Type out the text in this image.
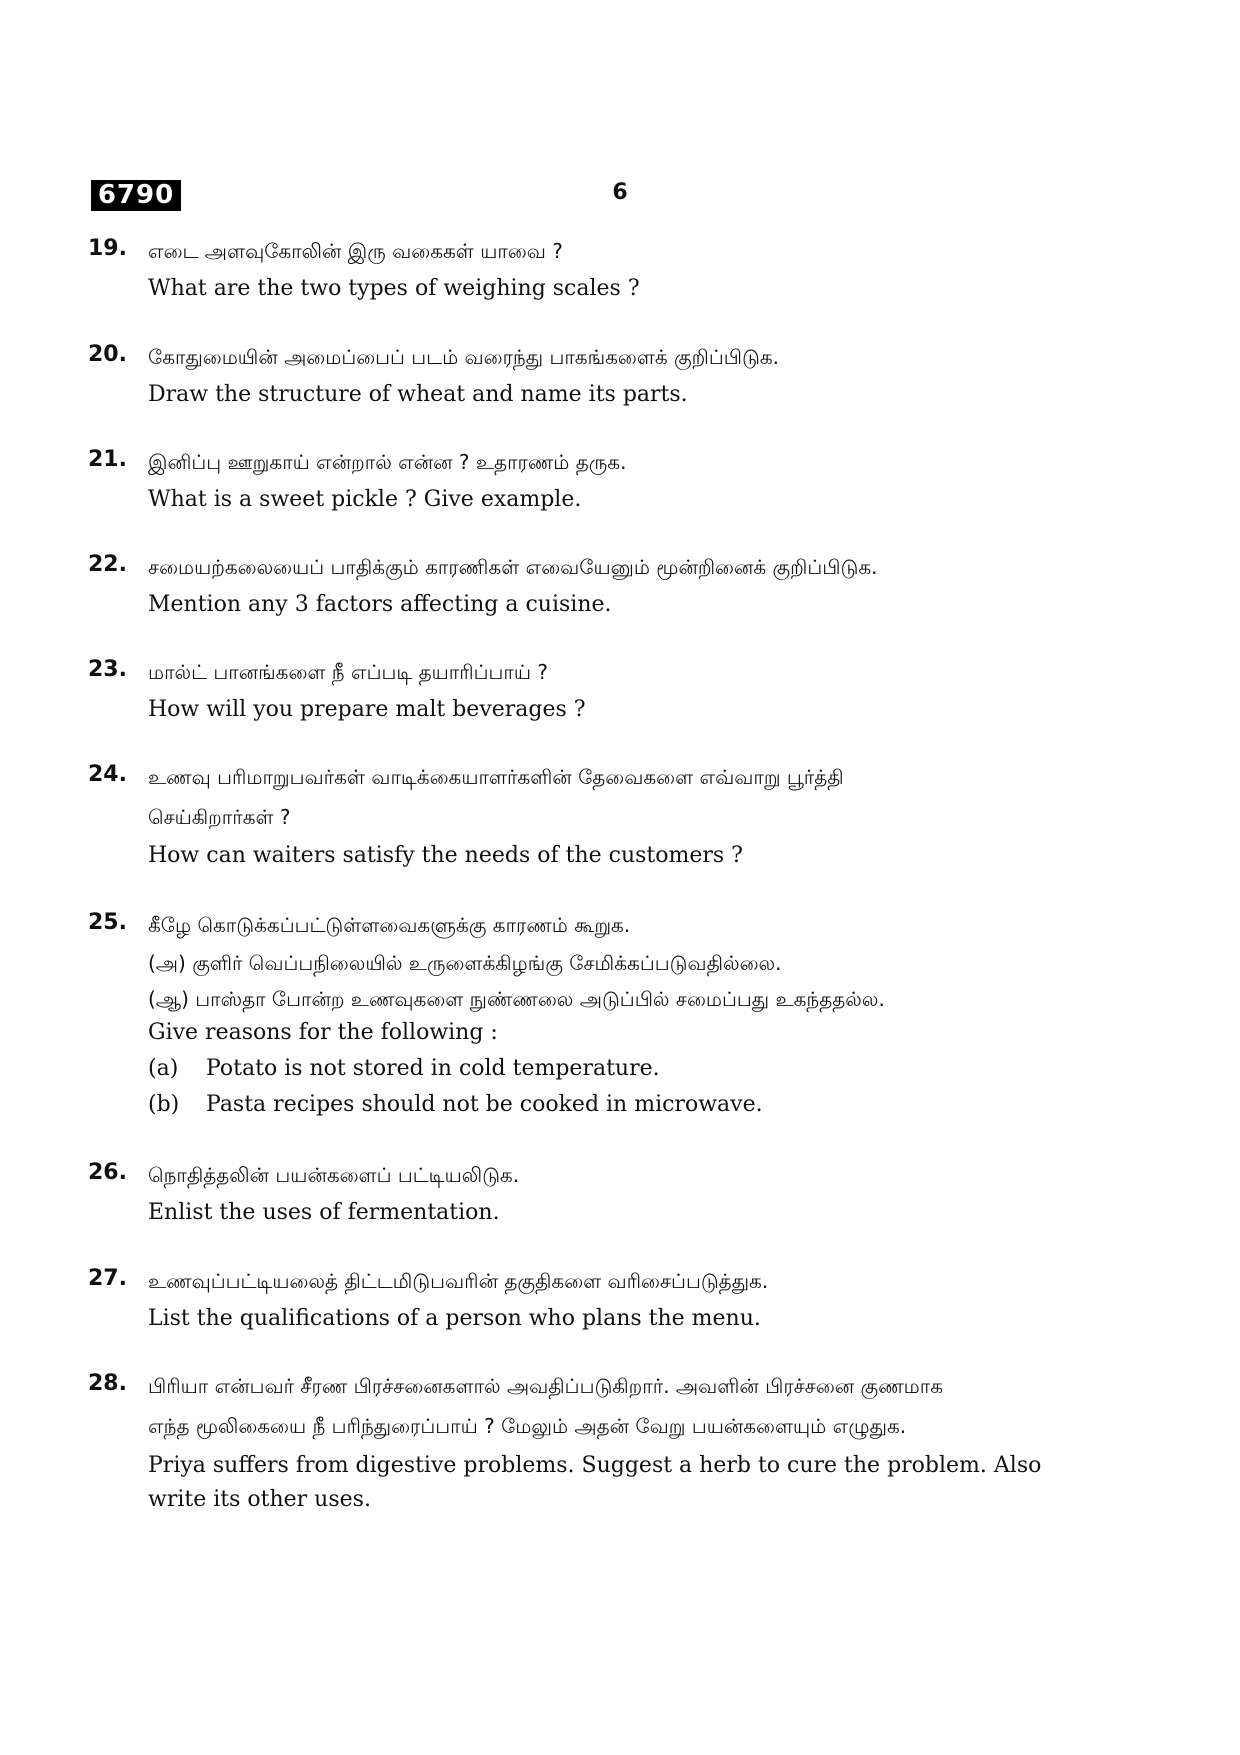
6790	6
19.	எடை அளவுகோலின் இரு வகைகள் யாவை ?
What are the two types of weighing scales ?
20.	கோதுமையின் அமைப்பைப் படம் வரைந்து பாகங்களைக் குறிப்பிடுக.
Draw the structure of wheat and name its parts.
21.	இனிப்பு ஊறுகாய் என்றால் என்ன ? உதாரணம் தருக.
What is a sweet pickle ? Give example.
22.	சமையற்கலையைப் பாதிக்கும் காரணிகள் எவையேனும் மூன்றினைக் குறிப்பிடுக.
Mention any 3 factors affecting a cuisine.
23.	மால்ட் பானங்களை நீ எப்படி தயாரிப்பாய் ?
How will you prepare malt beverages ?
24.	உணவு பரிமாறுபவர்கள் வாடிக்கையாளர்களின் தேவைகளை எவ்வாறு பூர்த்தி
செய்கிறார்கள் ?
How can waiters satisfy the needs of the customers ?
25.	கீழே கொடுக்கப்பட்டுள்ளவைகளுக்கு காரணம் கூறுக.
(அ) குளிர் வெப்பநிலையில் உருளைக்கிழங்கு சேமிக்கப்படுவதில்லை.
(ஆ) பாஸ்தா போன்ற உணவுகளை நுண்ணலை அடுப்பில் சமைப்பது உகந்ததல்ல.
Give reasons for the following :
(a) Potato is not stored in cold temperature.
(b) Pasta recipes should not be cooked in microwave.
26.	நொதித்தலின் பயன்களைப் பட்டியலிடுக.
Enlist the uses of fermentation.
27.	உணவுப்பட்டியலைத் திட்டமிடுபவரின் தகுதிகளை வரிசைப்படுத்துக.
List the qualifications of a person who plans the menu.
28.	பிரியா என்பவர் சீரண பிரச்சனைகளால் அவதிப்படுகிறார். அவளின் பிரச்சனை குணமாக
எந்த மூலிகையை நீ பரிந்துரைப்பாய் ? மேலும் அதன் வேறு பயன்களையும் எழுதுக.
Priya suffers from digestive problems. Suggest a herb to cure the problem. Also
write its other uses.
